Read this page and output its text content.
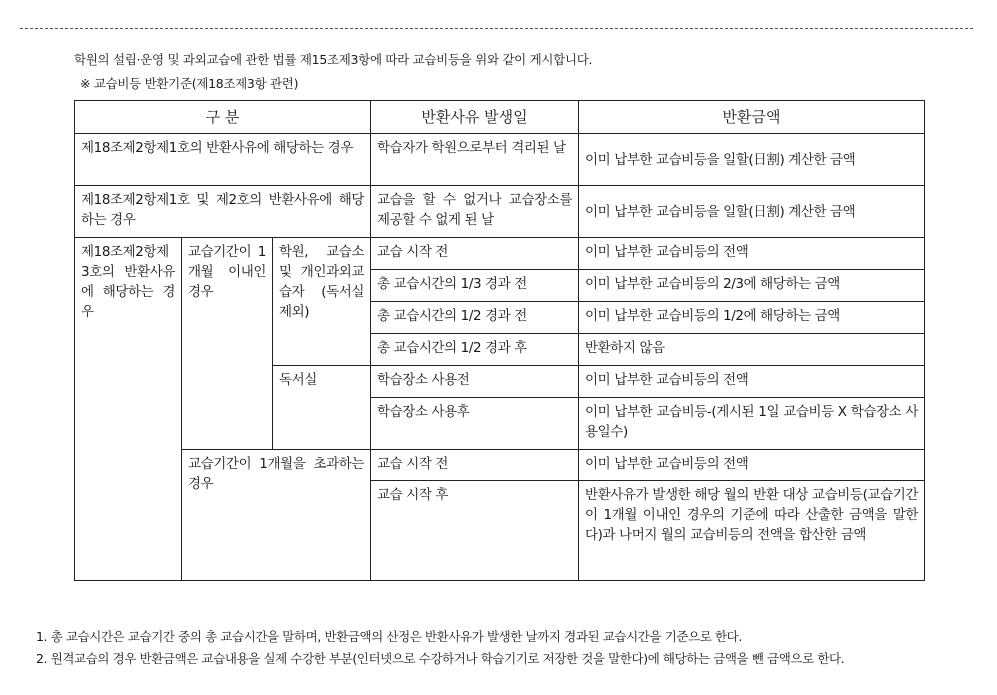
학원의 설립·운영 및 과외교습에 관한 법률 제15조제3항에 따라 교습비등을 위와 같이 게시합니다.
※ 교습비등 반환기준(제18조제3항 관련)
구 분			반환사유 발생일	반환금액
제18조제2항제1호의 반환사유에 해당하는 경우			학습자가 학원으로부터 격리된 날	이미 납부한 교습비등을 일할(日割) 계산한 금액
제18조제2항제1호 및 제2호의 반환사유에 해당하는 경우			교습을 할 수 없거나 교습장소를 제공할 수 없게 된 날	이미 납부한 교습비등을 일할(日割) 계산한 금액
제18조제2항제3호의 반환사유에 해당하는 경우	교습기간이 1개월 이내인 경우	학원, 교습소 및 개인과외교습자 (독서실 제외)	교습 시작 전	이미 납부한 교습비등의 전액
			총 교습시간의 1/3 경과 전	이미 납부한 교습비등의 2/3에 해당하는 금액
			총 교습시간의 1/2 경과 전	이미 납부한 교습비등의 1/2에 해당하는 금액
			총 교습시간의 1/2 경과 후	반환하지 않음
		독서실	학습장소 사용전	이미 납부한 교습비등의 전액
			학습장소 사용후	이미 납부한 교습비등-(게시된 1일 교습비등 X 학습장소 사용일수)
	교습기간이 1개월을 초과하는 경우		교습 시작 전	이미 납부한 교습비등의 전액
			교습 시작 후	반환사유가 발생한 해당 월의 반환 대상 교습비등(교습기간이 1개월 이내인 경우의 기준에 따라 산출한 금액을 말한다)과 나머지 월의 교습비등의 전액을 합산한 금액
1. 총 교습시간은 교습기간 중의 총 교습시간을 말하며, 반환금액의 산정은 반환사유가 발생한 날까지 경과된 교습시간을 기준으로 한다.
2. 원격교습의 경우 반환금액은 교습내용을 실제 수강한 부분(인터넷으로 수강하거나 학습기기로 저장한 것을 말한다)에 해당하는 금액을 뺀 금액으로 한다.
